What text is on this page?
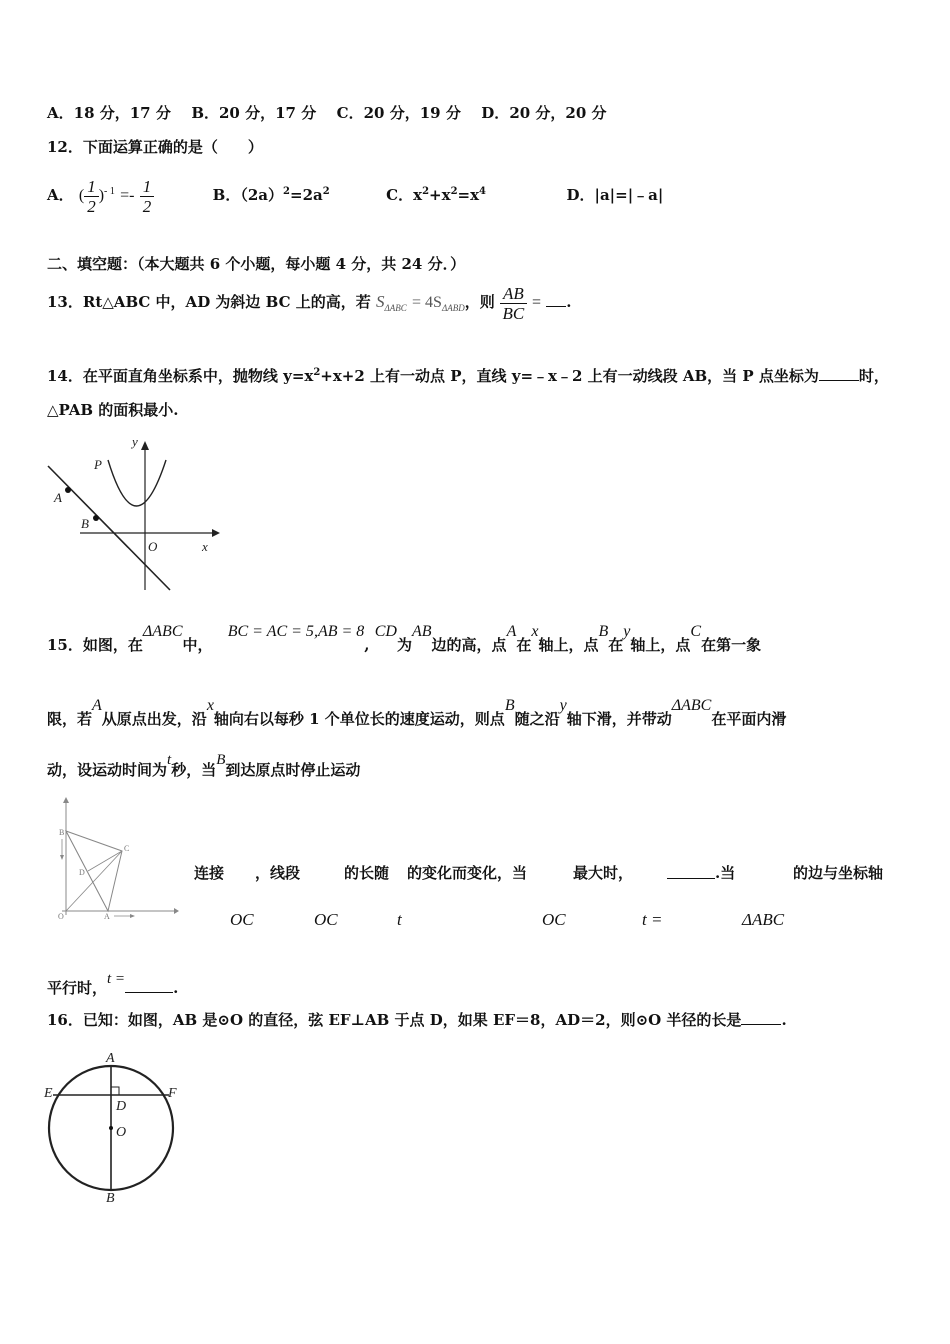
A．18 分，17 分 B．20 分，17 分 C．20 分，19 分 D．20 分，20 分
12．下面运算正确的是（　　）
A． ( $\frac{1}{2} )^{- 1} =- \frac{1}{2}$	B．$(2a)^2=2a^2$	C．$x^2+x^2=x^4$	D．|a|=|﹣a|
二、填空题：（本大题共 6 个小题，每小题 4 分，共 24 分．）
13．Rt△ABC 中，AD 为斜边 BC 上的高，若 $S_{\Delta ABC} = 4S_{\Delta ABD}$，则 $\frac{AB}{BC}$ = .
14．在平面直角坐标系中，抛物线 $y=x^2+x+2$ 上有一动点 P，直线 y=﹣x﹣2 上有一动线段 AB，当 P 点坐标为	时，
△PAB 的面积最小.
y
P
A
B
O	x
15．如图，在$^{\Delta ABC}$中， $^{BC = AC = 5,AB = 8}$, $^{CD}$为$^{AB}$边的高，点$^A$在$^x$轴上，点$^B$在$^y$轴上，点$^C$在第一象
限，若$^A$从原点出发，沿$^x$轴向右以每秒 1 个单位长的速度运动，则点$^B$随之沿$^y$轴下滑，并带动$^{\Delta ABC}$在平面内滑
动，设运动时间为$^t$秒，当$^B$到达原点时停止运动
B
C
D
O	A
连接 ，线段	的长随 的变化而变化，当	最大时，	.当	的边与坐标轴
OC	OC	t	OC	t =	ΔABC
平行时，$^{t =}$	.
16．已知：如图，AB 是⊙O 的直径，弦 EF⊥AB 于点 D，如果 EF＝8，AD＝2，则⊙O 半径的长是	.
A
E	F
D
O
B
